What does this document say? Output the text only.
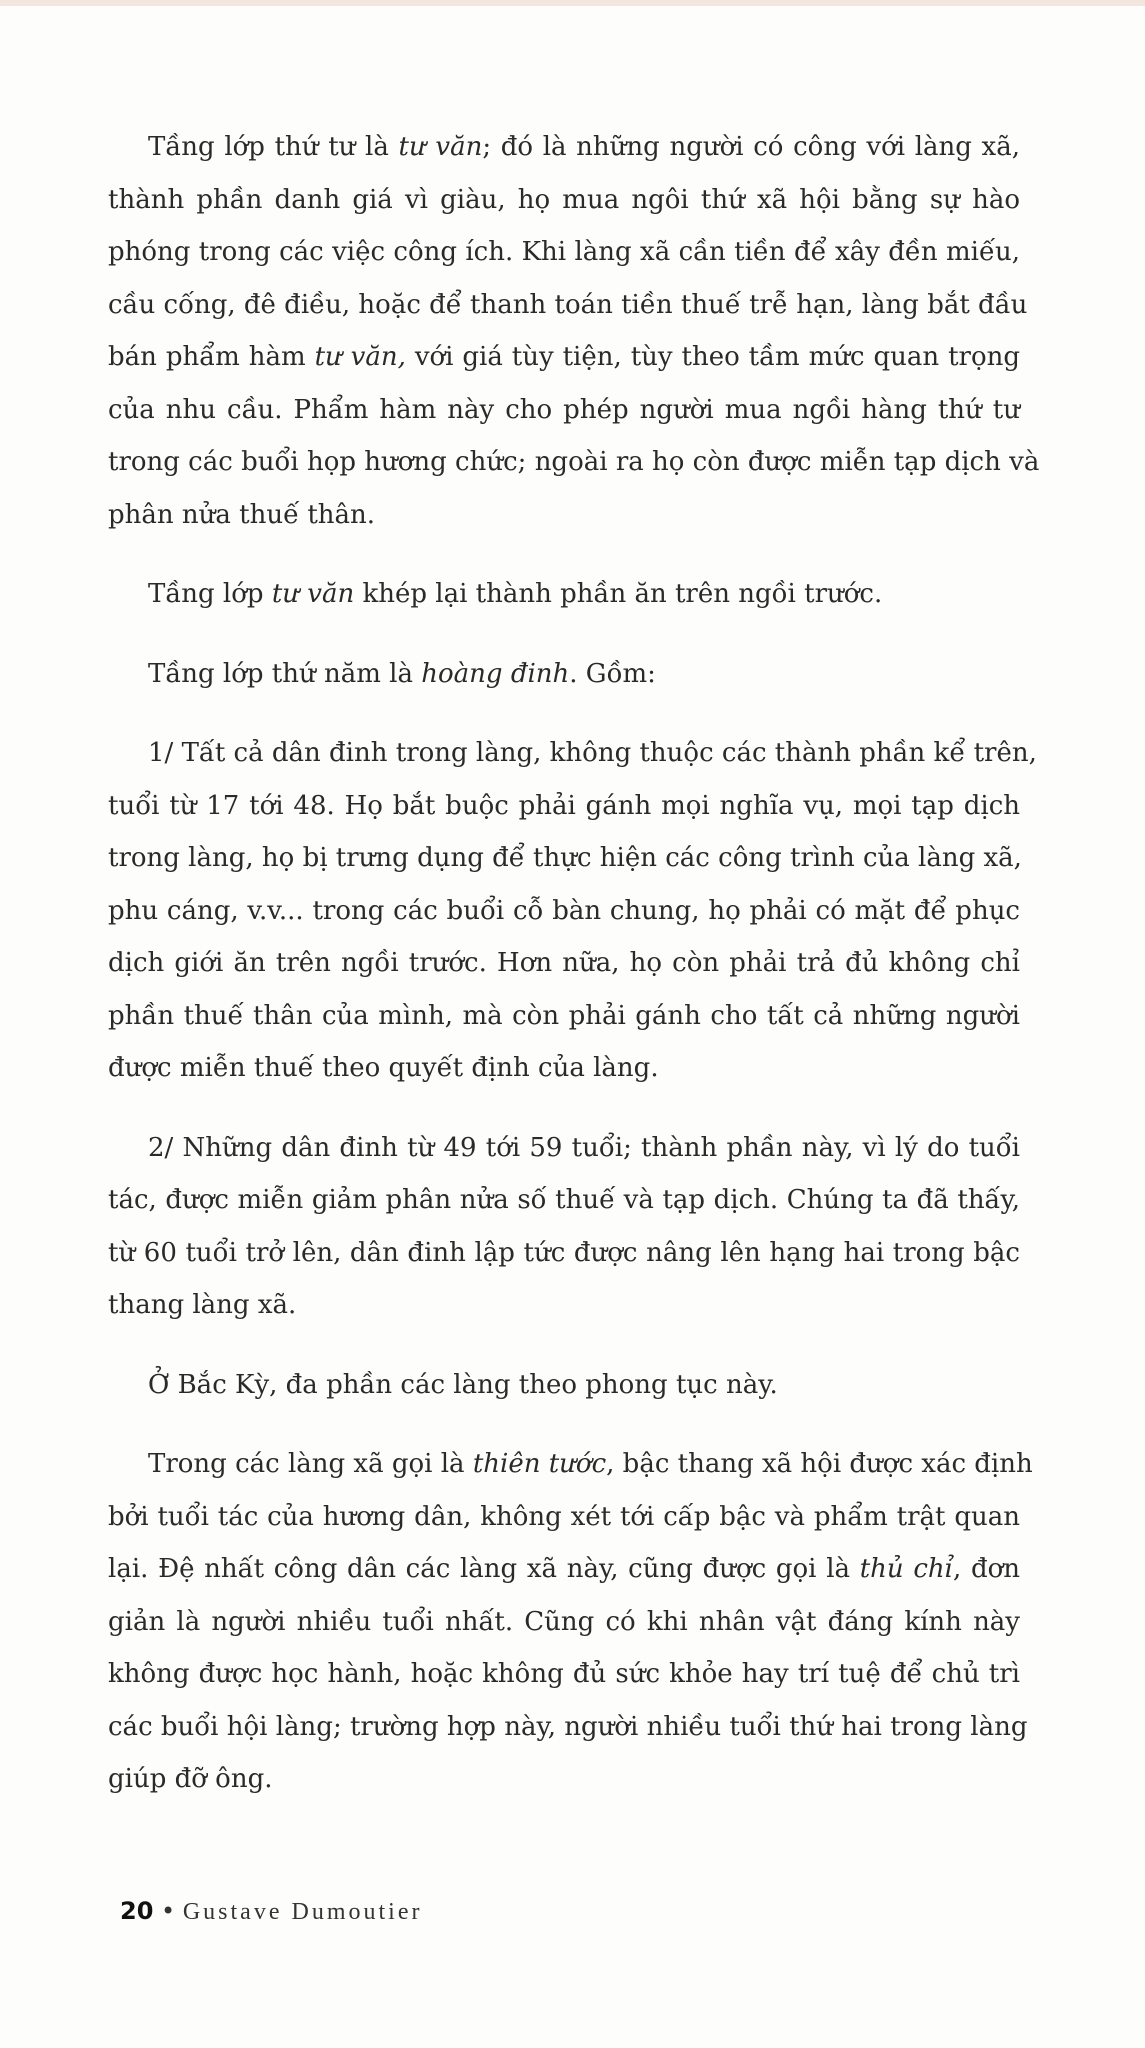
Tầng lớp thứ tư là tư văn; đó là những người có công với làng xã,
thành phần danh giá vì giàu, họ mua ngôi thứ xã hội bằng sự hào
phóng trong các việc công ích. Khi làng xã cần tiền để xây đền miếu,
cầu cống, đê điều, hoặc để thanh toán tiền thuế trễ hạn, làng bắt đầu
bán phẩm hàm tư văn, với giá tùy tiện, tùy theo tầm mức quan trọng
của nhu cầu. Phẩm hàm này cho phép người mua ngồi hàng thứ tư
trong các buổi họp hương chức; ngoài ra họ còn được miễn tạp dịch và
phân nửa thuế thân.
Tầng lớp tư văn khép lại thành phần ăn trên ngồi trước.
Tầng lớp thứ năm là hoàng đinh. Gồm:
1/ Tất cả dân đinh trong làng, không thuộc các thành phần kể trên,
tuổi từ 17 tới 48. Họ bắt buộc phải gánh mọi nghĩa vụ, mọi tạp dịch
trong làng, họ bị trưng dụng để thực hiện các công trình của làng xã,
phu cáng, v.v... trong các buổi cỗ bàn chung, họ phải có mặt để phục
dịch giới ăn trên ngồi trước. Hơn nữa, họ còn phải trả đủ không chỉ
phần thuế thân của mình, mà còn phải gánh cho tất cả những người
được miễn thuế theo quyết định của làng.
2/ Những dân đinh từ 49 tới 59 tuổi; thành phần này, vì lý do tuổi
tác, được miễn giảm phân nửa số thuế và tạp dịch. Chúng ta đã thấy,
từ 60 tuổi trở lên, dân đinh lập tức được nâng lên hạng hai trong bậc
thang làng xã.
Ở Bắc Kỳ, đa phần các làng theo phong tục này.
Trong các làng xã gọi là thiên tước, bậc thang xã hội được xác định
bởi tuổi tác của hương dân, không xét tới cấp bậc và phẩm trật quan
lại. Đệ nhất công dân các làng xã này, cũng được gọi là thủ chỉ, đơn
giản là người nhiều tuổi nhất. Cũng có khi nhân vật đáng kính này
không được học hành, hoặc không đủ sức khỏe hay trí tuệ để chủ trì
các buổi hội làng; trường hợp này, người nhiều tuổi thứ hai trong làng
giúp đỡ ông.
20 • Gustave Dumoutier
